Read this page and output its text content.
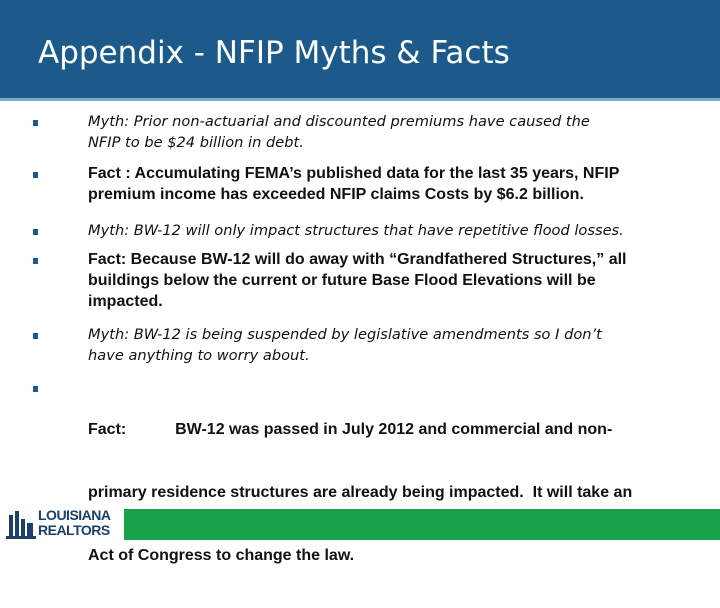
Appendix - NFIP Myths & Facts
Myth: Prior non-actuarial and discounted premiums have caused the
NFIP to be $24 billion in debt.
Fact : Accumulating FEMA’s published data for the last 35 years, NFIP
premium income has exceeded NFIP claims Costs by $6.2 billion.
Myth: BW-12 will only impact structures that have repetitive flood losses.
Fact: Because BW-12 will do away with “Grandfathered Structures,” all
buildings below the current or future Base Flood Elevations will be
impacted.
Myth: BW-12 is being suspended by legislative amendments so I don’t
have anything to worry about.

Fact:           BW-12 was passed in July 2012 and commercial and non-

primary residence structures are already being impacted.  It will take an

Act of Congress to change the law.

LOUISIANA
REALTORS
